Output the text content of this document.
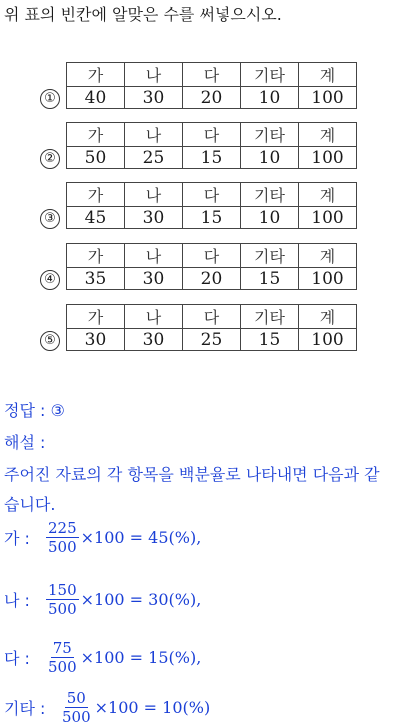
위 표의 빈칸에 알맞은 수를 써넣으시오.
①
가	나	다	기타	계
40	30	20	10	100
②
가	나	다	기타	계
50	25	15	10	100
③
가	나	다	기타	계
45	30	15	10	100
④
가	나	다	기타	계
35	30	20	15	100
⑤
가	나	다	기타	계
30	30	25	15	100
정답 : ③
해설 :
주어진 자료의 각 항목을 백분율로 나타내면 다음과 같
습니다.
가 :	$\frac{225}{500} \times 100 = 45(\%)$,
나 :	$\frac{150}{500} \times 100 = 30(\%)$,
다 :	$\frac{75}{500} \times 100 = 15(\%)$,
기타 : $\frac{50}{500} \times 100 = 10(\%)$
